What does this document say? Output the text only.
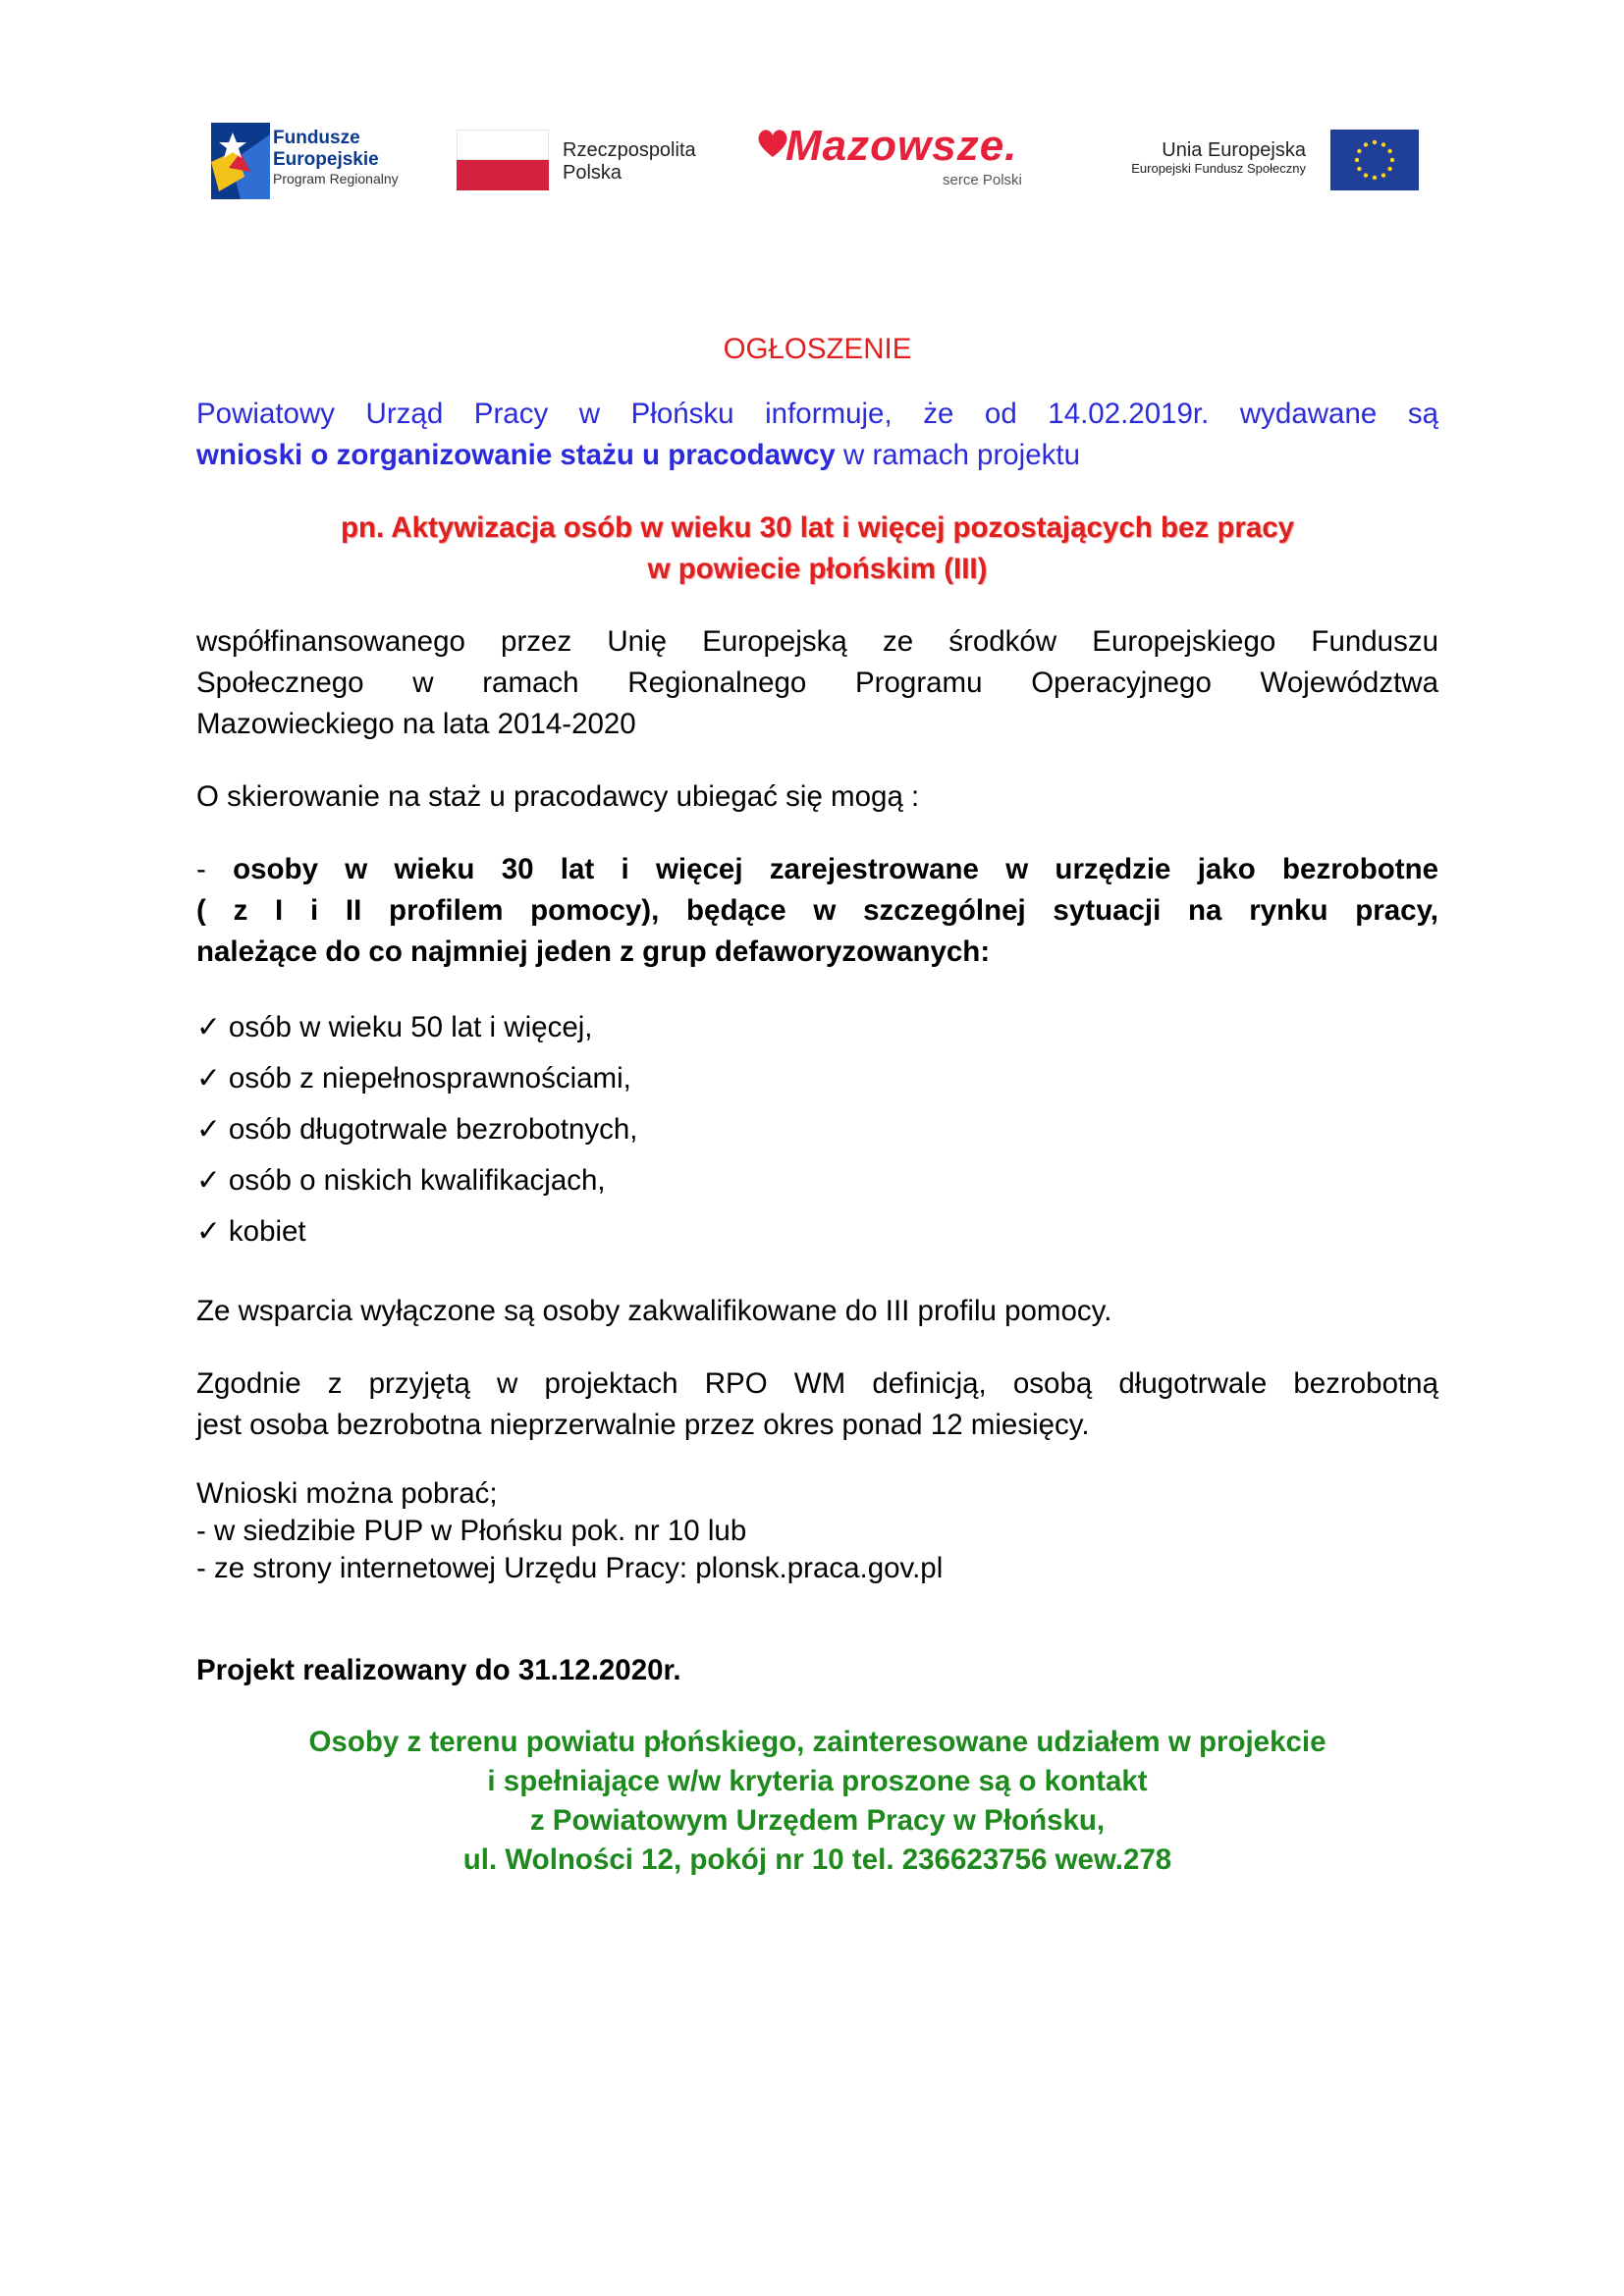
Fundusze
Europejskie
Program Regionalny
Rzeczpospolita
Polska
Mazowsze.
serce Polski
Unia Europejska
Europejski Fundusz Społeczny

OGŁOSZENIE

Powiatowy Urząd Pracy w Płońsku informuje, że od 14.02.2019r. wydawane są
wnioski o zorganizowanie stażu u pracodawcy w ramach projektu

pn. Aktywizacja osób w wieku 30 lat i więcej pozostających bez pracy

w powiecie płońskim (III)

współfinansowanego przez Unię Europejską ze środków Europejskiego Funduszu

Społecznego w ramach Regionalnego Programu Operacyjnego Województwa

Mazowieckiego na lata 2014-2020

O skierowanie na staż u pracodawcy ubiegać się mogą :

- osoby w wieku 30 lat i więcej zarejestrowane w urzędzie jako bezrobotne

( z I i II profilem pomocy), będące w szczególnej sytuacji na rynku pracy,

należące do co najmniej jeden z grup defaworyzowanych:

✓ osób w wieku 50 lat i więcej,
✓ osób z niepełnosprawnościami,
✓ osób długotrwale bezrobotnych,
✓ osób o niskich kwalifikacjach,
✓ kobiet

Ze wsparcia wyłączone są osoby zakwalifikowane do III profilu pomocy.

Zgodnie z przyjętą w projektach RPO WM definicją, osobą długotrwale bezrobotną

jest osoba bezrobotna nieprzerwalnie przez okres ponad 12 miesięcy.

Wnioski można pobrać;

- w siedzibie PUP w Płońsku pok. nr 10 lub

- ze strony internetowej Urzędu Pracy: plonsk.praca.gov.pl

Projekt realizowany do 31.12.2020r.

Osoby z terenu powiatu płońskiego, zainteresowane udziałem w projekcie

i spełniające w/w kryteria proszone są o kontakt

z Powiatowym Urzędem Pracy w Płońsku,

ul. Wolności 12, pokój nr 10 tel. 236623756 wew.278
